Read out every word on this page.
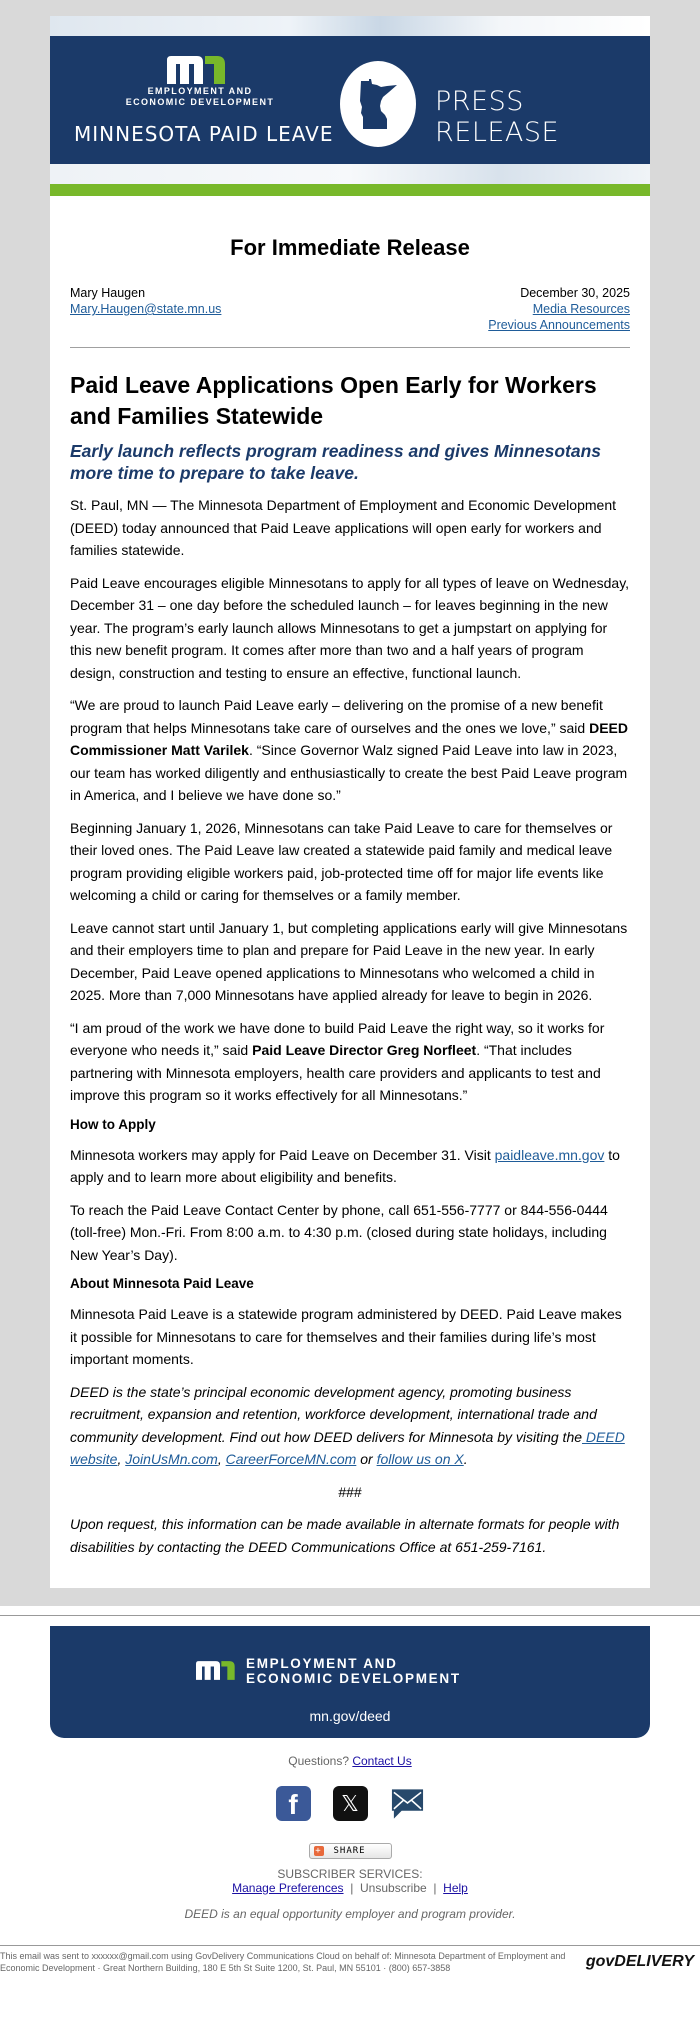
EMPLOYMENT AND
ECONOMIC DEVELOPMENT
MINNESOTA PAID LEAVE
PRESS RELEASE
For Immediate Release
Mary Haugen
Mary.Haugen@state.mn.us
December 30, 2025
Media Resources
Previous Announcements
Paid Leave Applications Open Early for Workers and Families Statewide
Early launch reflects program readiness and gives Minnesotans more time to prepare to take leave.

St. Paul, MN — The Minnesota Department of Employment and Economic Development (DEED) today announced that Paid Leave applications will open early for workers and families statewide.

Paid Leave encourages eligible Minnesotans to apply for all types of leave on Wednesday, December 31 – one day before the scheduled launch – for leaves beginning in the new year. The program’s early launch allows Minnesotans to get a jumpstart on applying for this new benefit program. It comes after more than two and a half years of program design, construction and testing to ensure an effective, functional launch.

“We are proud to launch Paid Leave early – delivering on the promise of a new benefit program that helps Minnesotans take care of ourselves and the ones we love,” said DEED Commissioner Matt Varilek. “Since Governor Walz signed Paid Leave into law in 2023, our team has worked diligently and enthusiastically to create the best Paid Leave program in America, and I believe we have done so.”

Beginning January 1, 2026, Minnesotans can take Paid Leave to care for themselves or their loved ones. The Paid Leave law created a statewide paid family and medical leave program providing eligible workers paid, job-protected time off for major life events like welcoming a child or caring for themselves or a family member.

Leave cannot start until January 1, but completing applications early will give Minnesotans and their employers time to plan and prepare for Paid Leave in the new year. In early December, Paid Leave opened applications to Minnesotans who welcomed a child in 2025. More than 7,000 Minnesotans have applied already for leave to begin in 2026.

“I am proud of the work we have done to build Paid Leave the right way, so it works for everyone who needs it,” said Paid Leave Director Greg Norfleet. “That includes partnering with Minnesota employers, health care providers and applicants to test and improve this program so it works effectively for all Minnesotans.”

How to Apply

Minnesota workers may apply for Paid Leave on December 31. Visit paidleave.mn.gov to apply and to learn more about eligibility and benefits.

To reach the Paid Leave Contact Center by phone, call 651-556-7777 or 844-556-0444 (toll-free) Mon.-Fri. From 8:00 a.m. to 4:30 p.m. (closed during state holidays, including New Year’s Day).

About Minnesota Paid Leave

Minnesota Paid Leave is a statewide program administered by DEED. Paid Leave makes it possible for Minnesotans to care for themselves and their families during life’s most important moments.

DEED is the state’s principal economic development agency, promoting business recruitment, expansion and retention, workforce development, international trade and community development. Find out how DEED delivers for Minnesota by visiting the DEED website, JoinUsMn.com, CareerForceMN.com or follow us on X.

###

Upon request, this information can be made available in alternate formats for people with disabilities by contacting the DEED Communications Office at 651-259-7161.

EMPLOYMENT AND
ECONOMIC DEVELOPMENT
mn.gov/deed
Questions? Contact Us
f	𝕏
+ SHARE
SUBSCRIBER SERVICES:
Manage Preferences | Unsubscribe | Help
DEED is an equal opportunity employer and program provider.
This email was sent to xxxxxx@gmail.com using GovDelivery Communications Cloud on behalf of: Minnesota Department of Employment and Economic Development · Great Northern Building, 180 E 5th St Suite 1200, St. Paul, MN 55101 · (800) 657-3858	govDELIVERY
